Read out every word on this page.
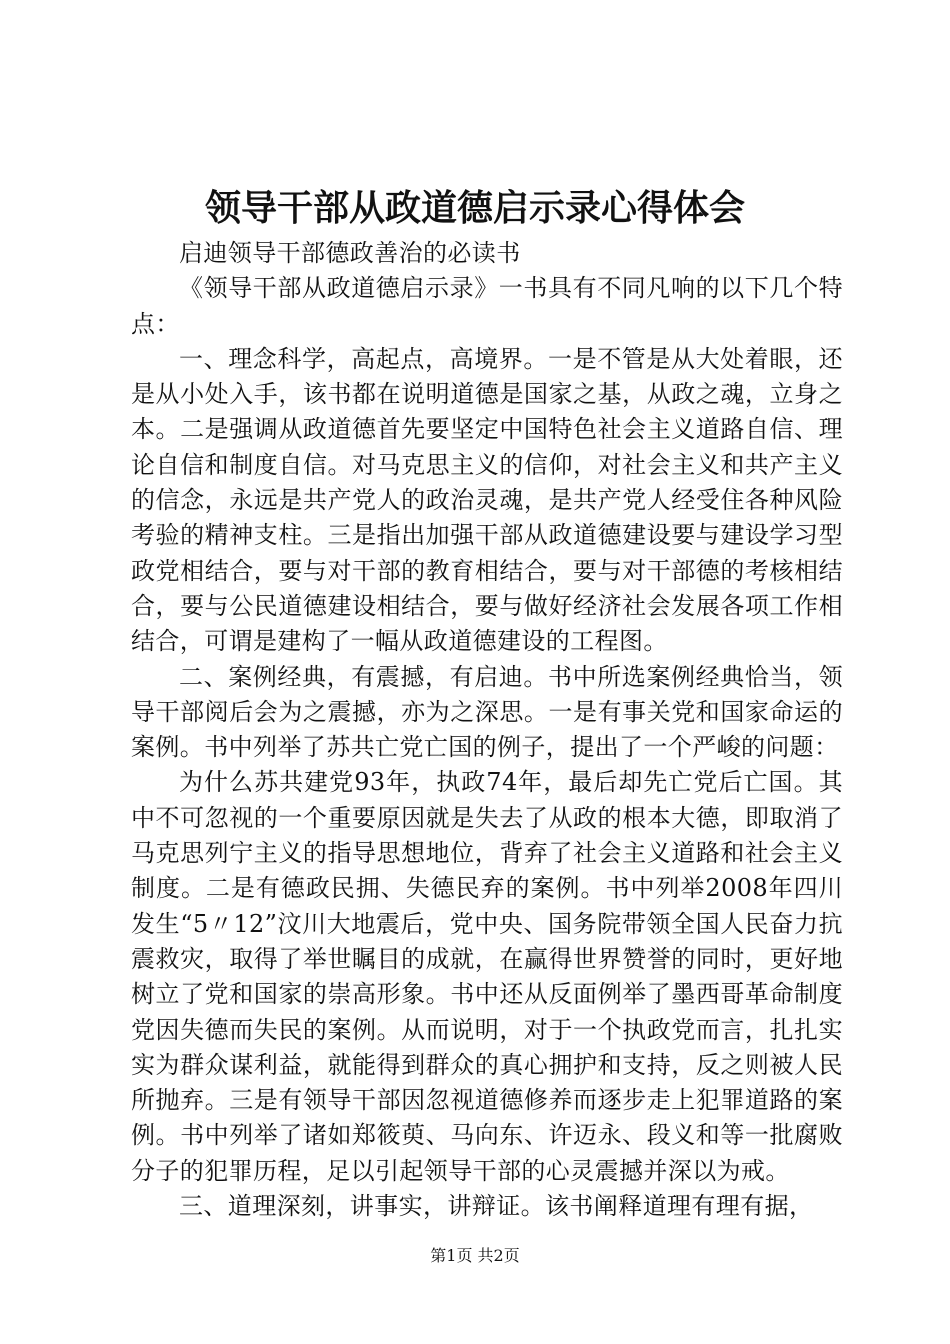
领导干部从政道德启示录心得体会

启迪领导干部德政善治的必读书

《领导干部从政道德启示录》一书具有不同凡响的以下几个特点：

一、理念科学，高起点，高境界。一是不管是从大处着眼，还是从小处入手，该书都在说明道德是国家之基，从政之魂，立身之本。二是强调从政道德首先要坚定中国特色社会主义道路自信、理论自信和制度自信。对马克思主义的信仰，对社会主义和共产主义的信念，永远是共产党人的政治灵魂，是共产党人经受住各种风险考验的精神支柱。三是指出加强干部从政道德建设要与建设学习型政党相结合，要与对干部的教育相结合，要与对干部德的考核相结合，要与公民道德建设相结合，要与做好经济社会发展各项工作相结合，可谓是建构了一幅从政道德建设的工程图。

二、案例经典，有震撼，有启迪。书中所选案例经典恰当，领导干部阅后会为之震撼，亦为之深思。一是有事关党和国家命运的案例。书中列举了苏共亡党亡国的例子，提出了一个严峻的问题：

为什么苏共建党93年，执政74年，最后却先亡党后亡国。其中不可忽视的一个重要原因就是失去了从政的根本大德，即取消了马克思列宁主义的指导思想地位，背弃了社会主义道路和社会主义制度。二是有德政民拥、失德民弃的案例。书中列举2008年四川发生“5〃12”汶川大地震后，党中央、国务院带领全国人民奋力抗震救灾，取得了举世瞩目的成就，在赢得世界赞誉的同时，更好地树立了党和国家的崇高形象。书中还从反面例举了墨西哥革命制度党因失德而失民的案例。从而说明，对于一个执政党而言，扎扎实实为群众谋利益，就能得到群众的真心拥护和支持，反之则被人民所抛弃。三是有领导干部因忽视道德修养而逐步走上犯罪道路的案例。书中列举了诸如郑筱萸、马向东、许迈永、段义和等一批腐败分子的犯罪历程，足以引起领导干部的心灵震撼并深以为戒。

三、道理深刻，讲事实，讲辩证。该书阐释道理有理有据，

第1页 共2页
